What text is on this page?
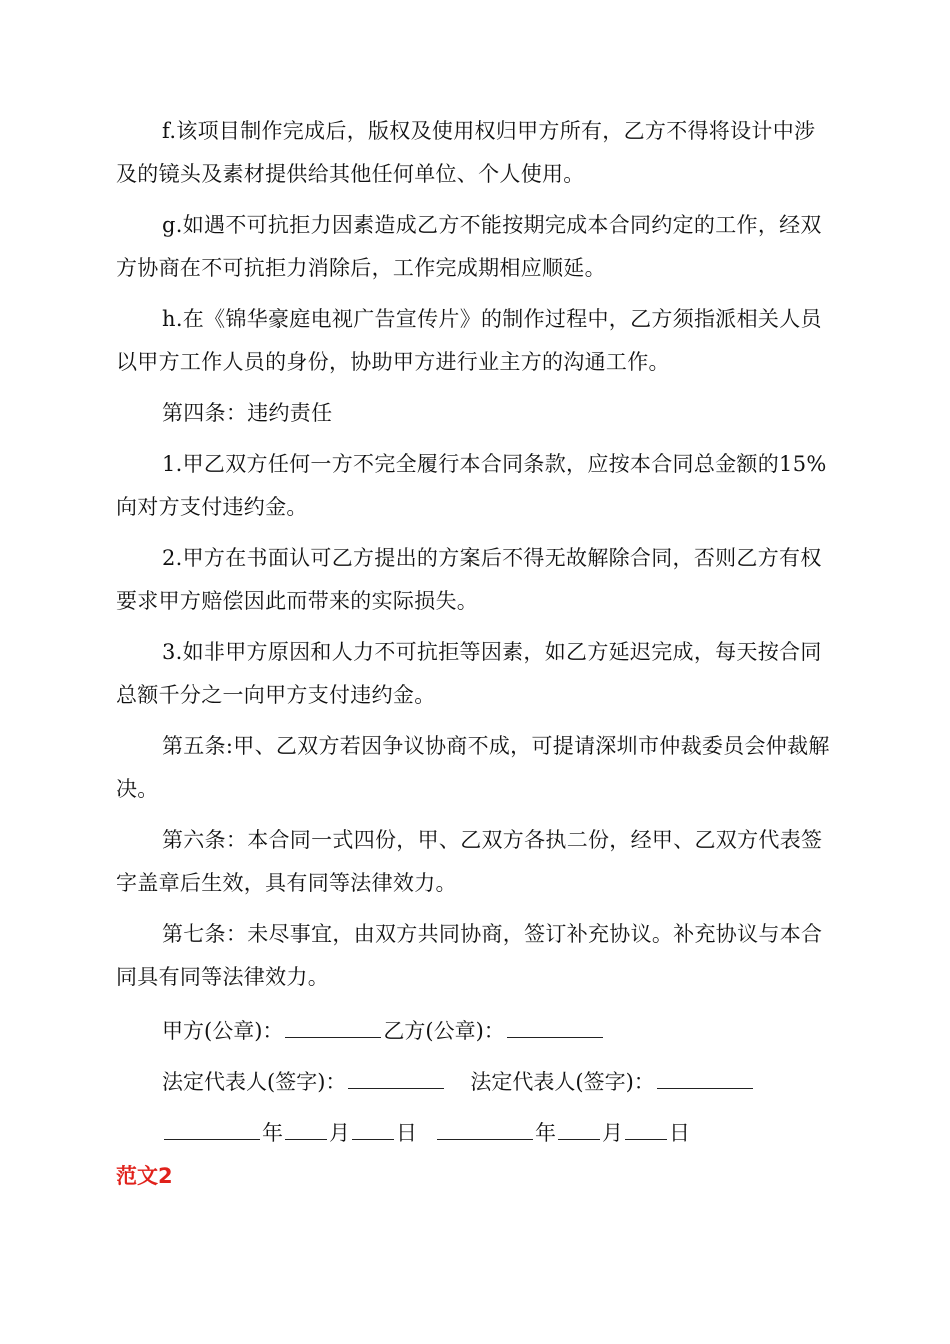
f.该项目制作完成后，版权及使用权归甲方所有，乙方不得将设计中涉及的镜头及素材提供给其他任何单位、个人使用。

g.如遇不可抗拒力因素造成乙方不能按期完成本合同约定的工作，经双方协商在不可抗拒力消除后，工作完成期相应顺延。

h.在《锦华豪庭电视广告宣传片》的制作过程中，乙方须指派相关人员以甲方工作人员的身份，协助甲方进行业主方的沟通工作。

第四条：违约责任

1.甲乙双方任何一方不完全履行本合同条款，应按本合同总金额的15%向对方支付违约金。

2.甲方在书面认可乙方提出的方案后不得无故解除合同，否则乙方有权要求甲方赔偿因此而带来的实际损失。

3.如非甲方原因和人力不可抗拒等因素，如乙方延迟完成，每天按合同总额千分之一向甲方支付违约金。

第五条:甲、乙双方若因争议协商不成，可提请深圳市仲裁委员会仲裁解决。

第六条：本合同一式四份，甲、乙双方各执二份，经甲、乙双方代表签字盖章后生效，具有同等法律效力。

第七条：未尽事宜，由双方共同协商，签订补充协议。补充协议与本合同具有同等法律效力。

甲方(公章)：	乙方(公章)：
法定代表人(签字)：	法定代表人(签字)：
年 月 日	年 月 日
范文2
